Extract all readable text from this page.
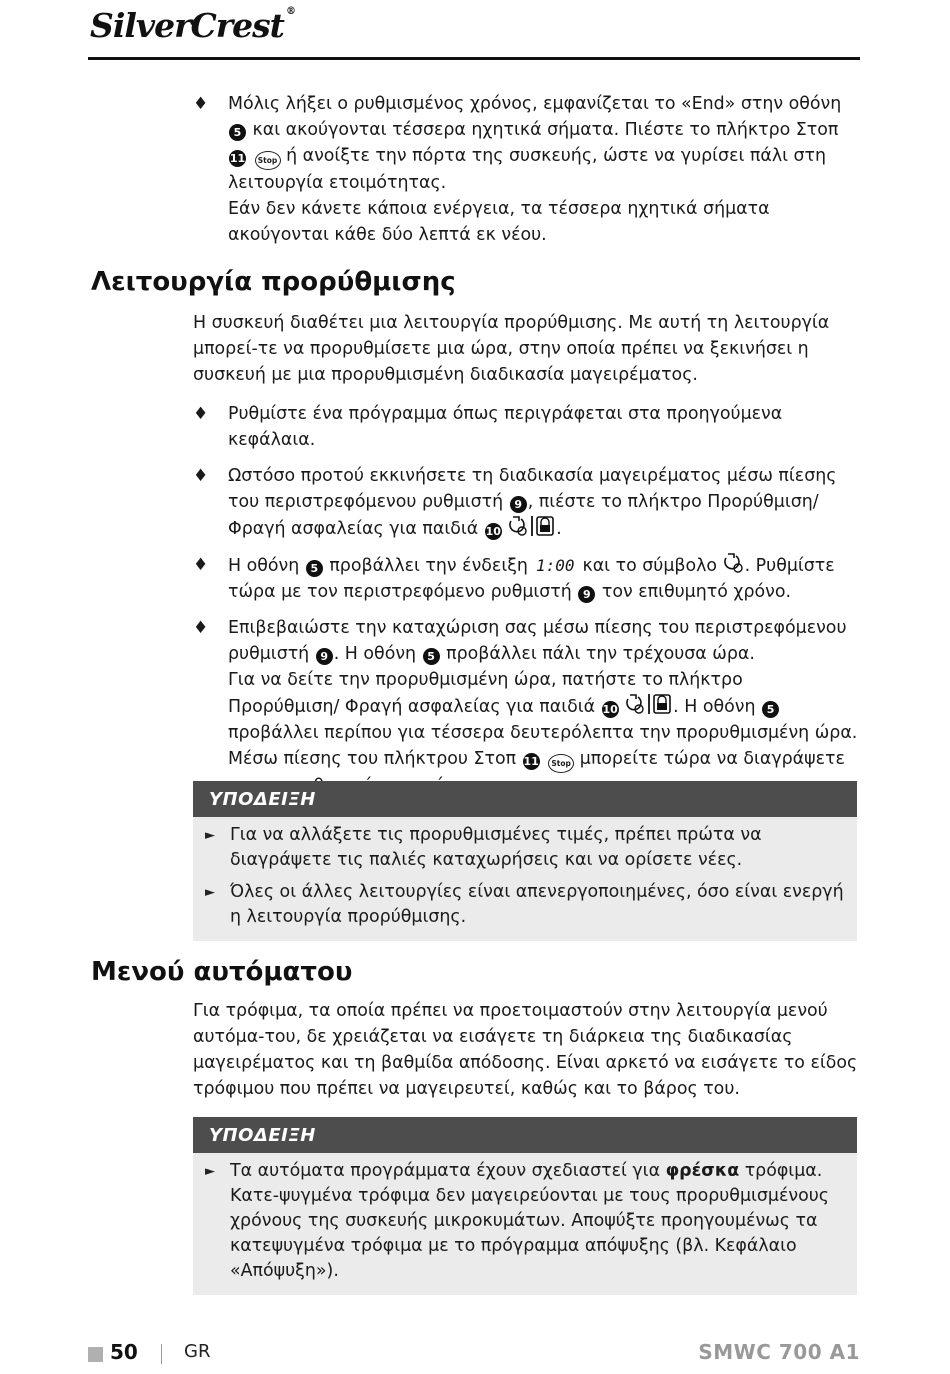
SilverCrest ®
♦ Μόλις λήξει ο ρυθμισμένος χρόνος, εμφανίζεται το «End» στην οθόνη 5 και ακούγονται τέσσερα ηχητικά σήματα. Πιέστε το πλήκτρο Στοπ 11 Stop ή ανοίξτε την πόρτα της συσκευής, ώστε να γυρίσει πάλι στη λειτουργία ετοιμότητας.

Εάν δεν κάνετε κάποια ενέργεια, τα τέσσερα ηχητικά σήματα ακούγονται κάθε δύο λεπτά εκ νέου.

Λειτουργία προρύθμισης

Η συσκευή διαθέτει μια λειτουργία προρύθμισης. Με αυτή τη λειτουργία μπορεί-τε να προρυθμίσετε μια ώρα, στην οποία πρέπει να ξεκινήσει η συσκευή με μια προρυθμισμένη διαδικασία μαγειρέματος.

♦ Ρυθμίστε ένα πρόγραμμα όπως περιγράφεται στα προηγούμενα κεφάλαια.

♦ Ωστόσο προτού εκκινήσετε τη διαδικασία μαγειρέματος μέσω πίεσης του περιστρεφόμενου ρυθμιστή 9 , πιέστε το πλήκτρο Προρύθμιση/Φραγή ασφαλείας για παιδιά 10	.

♦ Η οθόνη 5 προβάλλει την ένδειξη 1:00 και το σύμβολο . Ρυθμίστε τώρα με τον περιστρεφόμενο ρυθμιστή 9 τον επιθυμητό χρόνο.

♦ Επιβεβαιώστε την καταχώριση σας μέσω πίεσης του περιστρεφόμενου ρυθμιστή 9 . Η οθόνη 5 προβάλλει πάλι την τρέχουσα ώρα.

Για να δείτε την προρυθμισμένη ώρα, πατήστε το πλήκτρο Προρύθμιση/ Φραγή ασφαλείας για παιδιά 10	. Η οθόνη 5 προβάλλει περίπου για τέσσερα δευτερόλεπτα την προρυθμισμένη ώρα.

Μέσω πίεσης του πλήκτρου Στοπ 11 Stop μπορείτε τώρα να διαγράψετε

ΥΠΟΔΕΙΞΗ
► Για να αλλάξετε τις προρυθμισμένες τιμές, πρέπει πρώτα να διαγράψετε τις παλιές καταχωρήσεις και να ορίσετε νέες.

► Όλες οι άλλες λειτουργίες είναι απενεργοποιημένες, όσο είναι ενεργή η λειτουργία προρύθμισης.

Μενού αυτόματου

Για τρόφιμα, τα οποία πρέπει να προετοιμαστούν στην λειτουργία μενού αυτόμα-του, δε χρειάζεται να εισάγετε τη διάρκεια της διαδικασίας μαγειρέματος και τη βαθμίδα απόδοσης. Είναι αρκετό να εισάγετε το είδος τρόφιμου που πρέπει να μαγειρευτεί, καθώς και το βάρος του.

ΥΠΟΔΕΙΞΗ
► Τα αυτόματα προγράμματα έχουν σχεδιαστεί για φρέσκα τρόφιμα. Κατε-ψυγμένα τρόφιμα δεν μαγειρεύονται με τους προρυθμισμένους χρόνους της συσκευής μικροκυμάτων. Αποψύξτε προηγουμένως τα κατεψυγμένα τρόφιμα με το πρόγραμμα απόψυξης (βλ. Κεφάλαιο «Απόψυξη»).

50	GR	SMWC 700 A1
